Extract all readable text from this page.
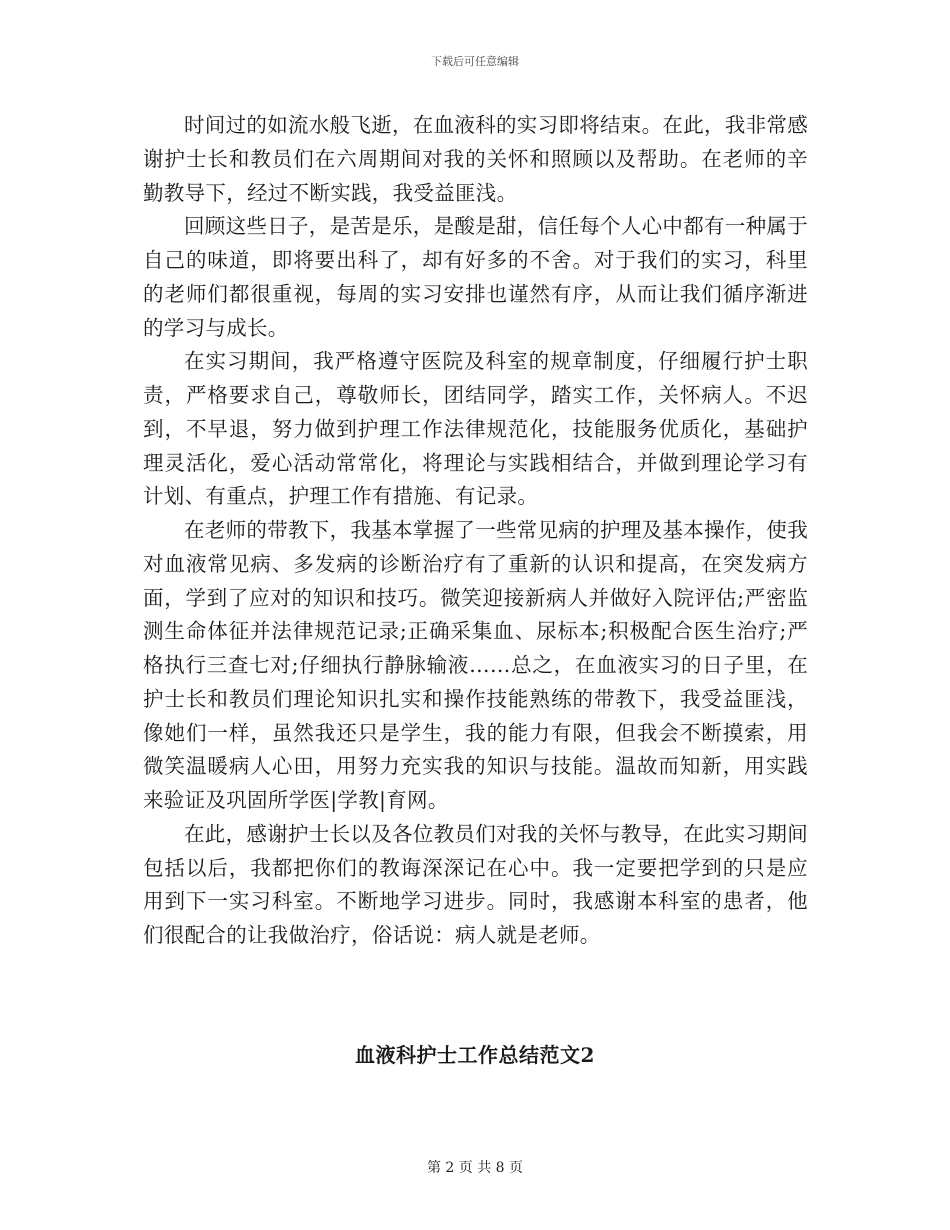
下载后可任意编辑

时间过的如流水般飞逝，在血液科的实习即将结束。在此，我非常感谢护士长和教员们在六周期间对我的关怀和照顾以及帮助。在老师的辛勤教导下，经过不断实践，我受益匪浅。

回顾这些日子，是苦是乐，是酸是甜，信任每个人心中都有一种属于自己的味道，即将要出科了，却有好多的不舍。对于我们的实习，科里的老师们都很重视，每周的实习安排也谨然有序，从而让我们循序渐进的学习与成长。

在实习期间，我严格遵守医院及科室的规章制度，仔细履行护士职责，严格要求自己，尊敬师长，团结同学，踏实工作，关怀病人。不迟到，不早退，努力做到护理工作法律规范化，技能服务优质化，基础护理灵活化，爱心活动常常化，将理论与实践相结合，并做到理论学习有计划、有重点，护理工作有措施、有记录。

在老师的带教下，我基本掌握了一些常见病的护理及基本操作，使我对血液常见病、多发病的诊断治疗有了重新的认识和提高，在突发病方面，学到了应对的知识和技巧。微笑迎接新病人并做好入院评估;严密监测生命体征并法律规范记录;正确采集血、尿标本;积极配合医生治疗;严格执行三查七对;仔细执行静脉输液……总之，在血液实习的日子里，在护士长和教员们理论知识扎实和操作技能熟练的带教下，我受益匪浅，像她们一样，虽然我还只是学生，我的能力有限，但我会不断摸索，用微笑温暖病人心田，用努力充实我的知识与技能。温故而知新，用实践来验证及巩固所学医|学教|育网。

在此，感谢护士长以及各位教员们对我的关怀与教导，在此实习期间包括以后，我都把你们的教诲深深记在心中。我一定要把学到的只是应用到下一实习科室。不断地学习进步。同时，我感谢本科室的患者，他们很配合的让我做治疗，俗话说：病人就是老师。

血液科护士工作总结范文2
第 2 页 共 8 页
